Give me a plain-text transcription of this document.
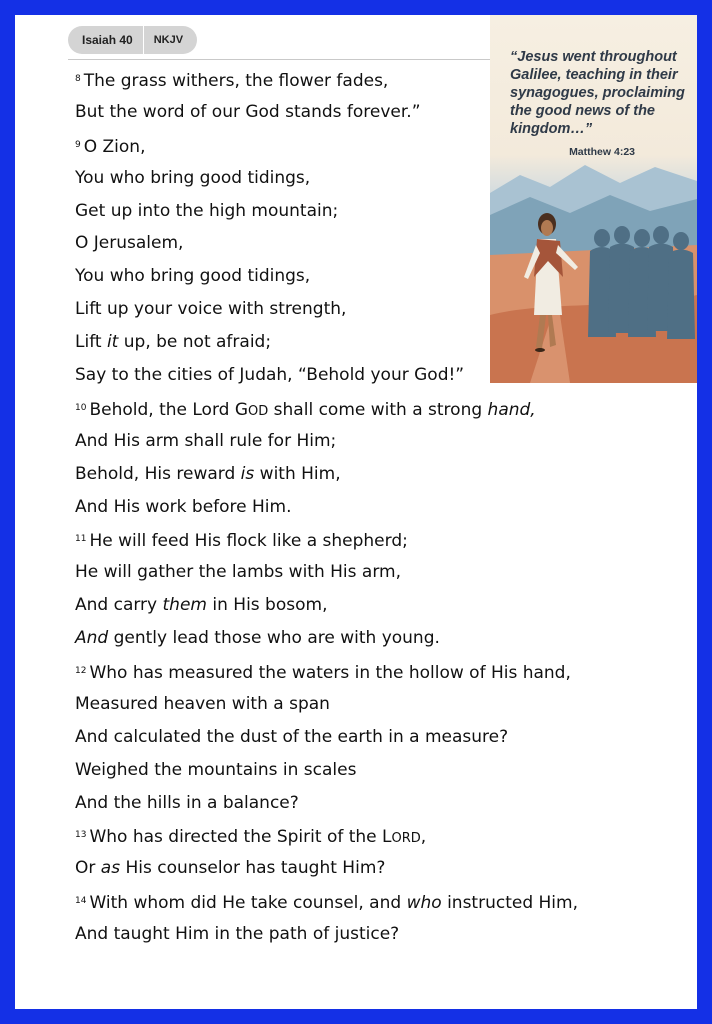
Isaiah 40	NKJV
$^8$ The grass withers, the flower fades,
But the word of our God stands forever.”
$^9$ O Zion,
You who bring good tidings,
Get up into the high mountain;
O Jerusalem,
You who bring good tidings,
Lift up your voice with strength,
Lift it up, be not afraid;
Say to the cities of Judah, “Behold your God!”
$^{10}$ Behold, the Lord GOD shall come with a strong hand,
And His arm shall rule for Him;
Behold, His reward is with Him,
And His work before Him.
$^{11}$ He will feed His flock like a shepherd;
He will gather the lambs with His arm,
And carry them in His bosom,
And gently lead those who are with young.
$^{12}$ Who has measured the waters in the hollow of His hand,
Measured heaven with a span
And calculated the dust of the earth in a measure?
Weighed the mountains in scales
And the hills in a balance?
$^{13}$ Who has directed the Spirit of the LORD,
Or as His counselor has taught Him?
$^{14}$ With whom did He take counsel, and who instructed Him,
And taught Him in the path of justice?
“Jesus went throughout Galilee, teaching in their synagogues, proclaiming the good news of the kingdom…”
Matthew 4:23
